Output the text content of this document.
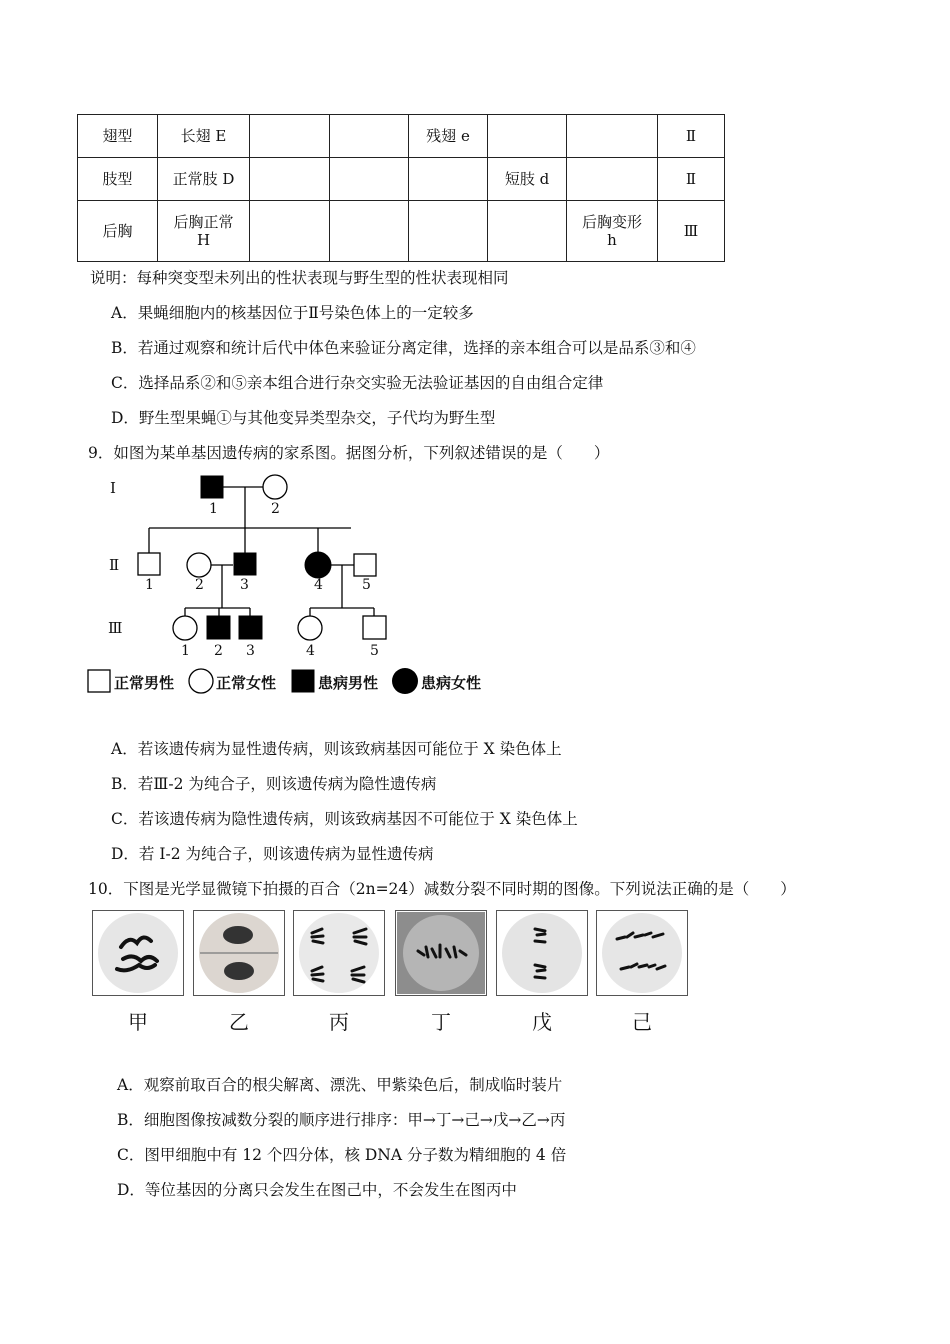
翅型	长翅 E			残翅 e			Ⅱ
肢型	正常肢 D				短肢 d		Ⅱ
后胸	后胸正常 H					后胸变形 h	Ⅲ
说明：每种突变型未列出的性状表现与野生型的性状表现相同
A．果蝇细胞内的核基因位于Ⅱ号染色体上的一定较多
B．若通过观察和统计后代中体色来验证分离定律，选择的亲本组合可以是品系③和④
C．选择品系②和⑤亲本组合进行杂交实验无法验证基因的自由组合定律
D．野生型果蝇①与其他变异类型杂交，子代均为野生型
9．如图为某单基因遗传病的家系图。据图分析，下列叙述错误的是（　　）
Ⅰ
Ⅱ
Ⅲ
1	2
1	2	3	4	5
1 2 3	4	5
正常男性	正常女性	患病男性	患病女性
A．若该遗传病为显性遗传病，则该致病基因可能位于 X 染色体上
B．若Ⅲ-2 为纯合子，则该遗传病为隐性遗传病
C．若该遗传病为隐性遗传病，则该致病基因不可能位于 X 染色体上
D．若 I-2 为纯合子，则该遗传病为显性遗传病
10．下图是光学显微镜下拍摄的百合（2n=24）减数分裂不同时期的图像。下列说法正确的是（　　）
甲	乙	丙	丁	戊	己
A．观察前取百合的根尖解离、漂洗、甲紫染色后，制成临时装片
B．细胞图像按减数分裂的顺序进行排序：甲→丁→己→戊→乙→丙
C．图甲细胞中有 12 个四分体，核 DNA 分子数为精细胞的 4 倍
D．等位基因的分离只会发生在图己中，不会发生在图丙中
